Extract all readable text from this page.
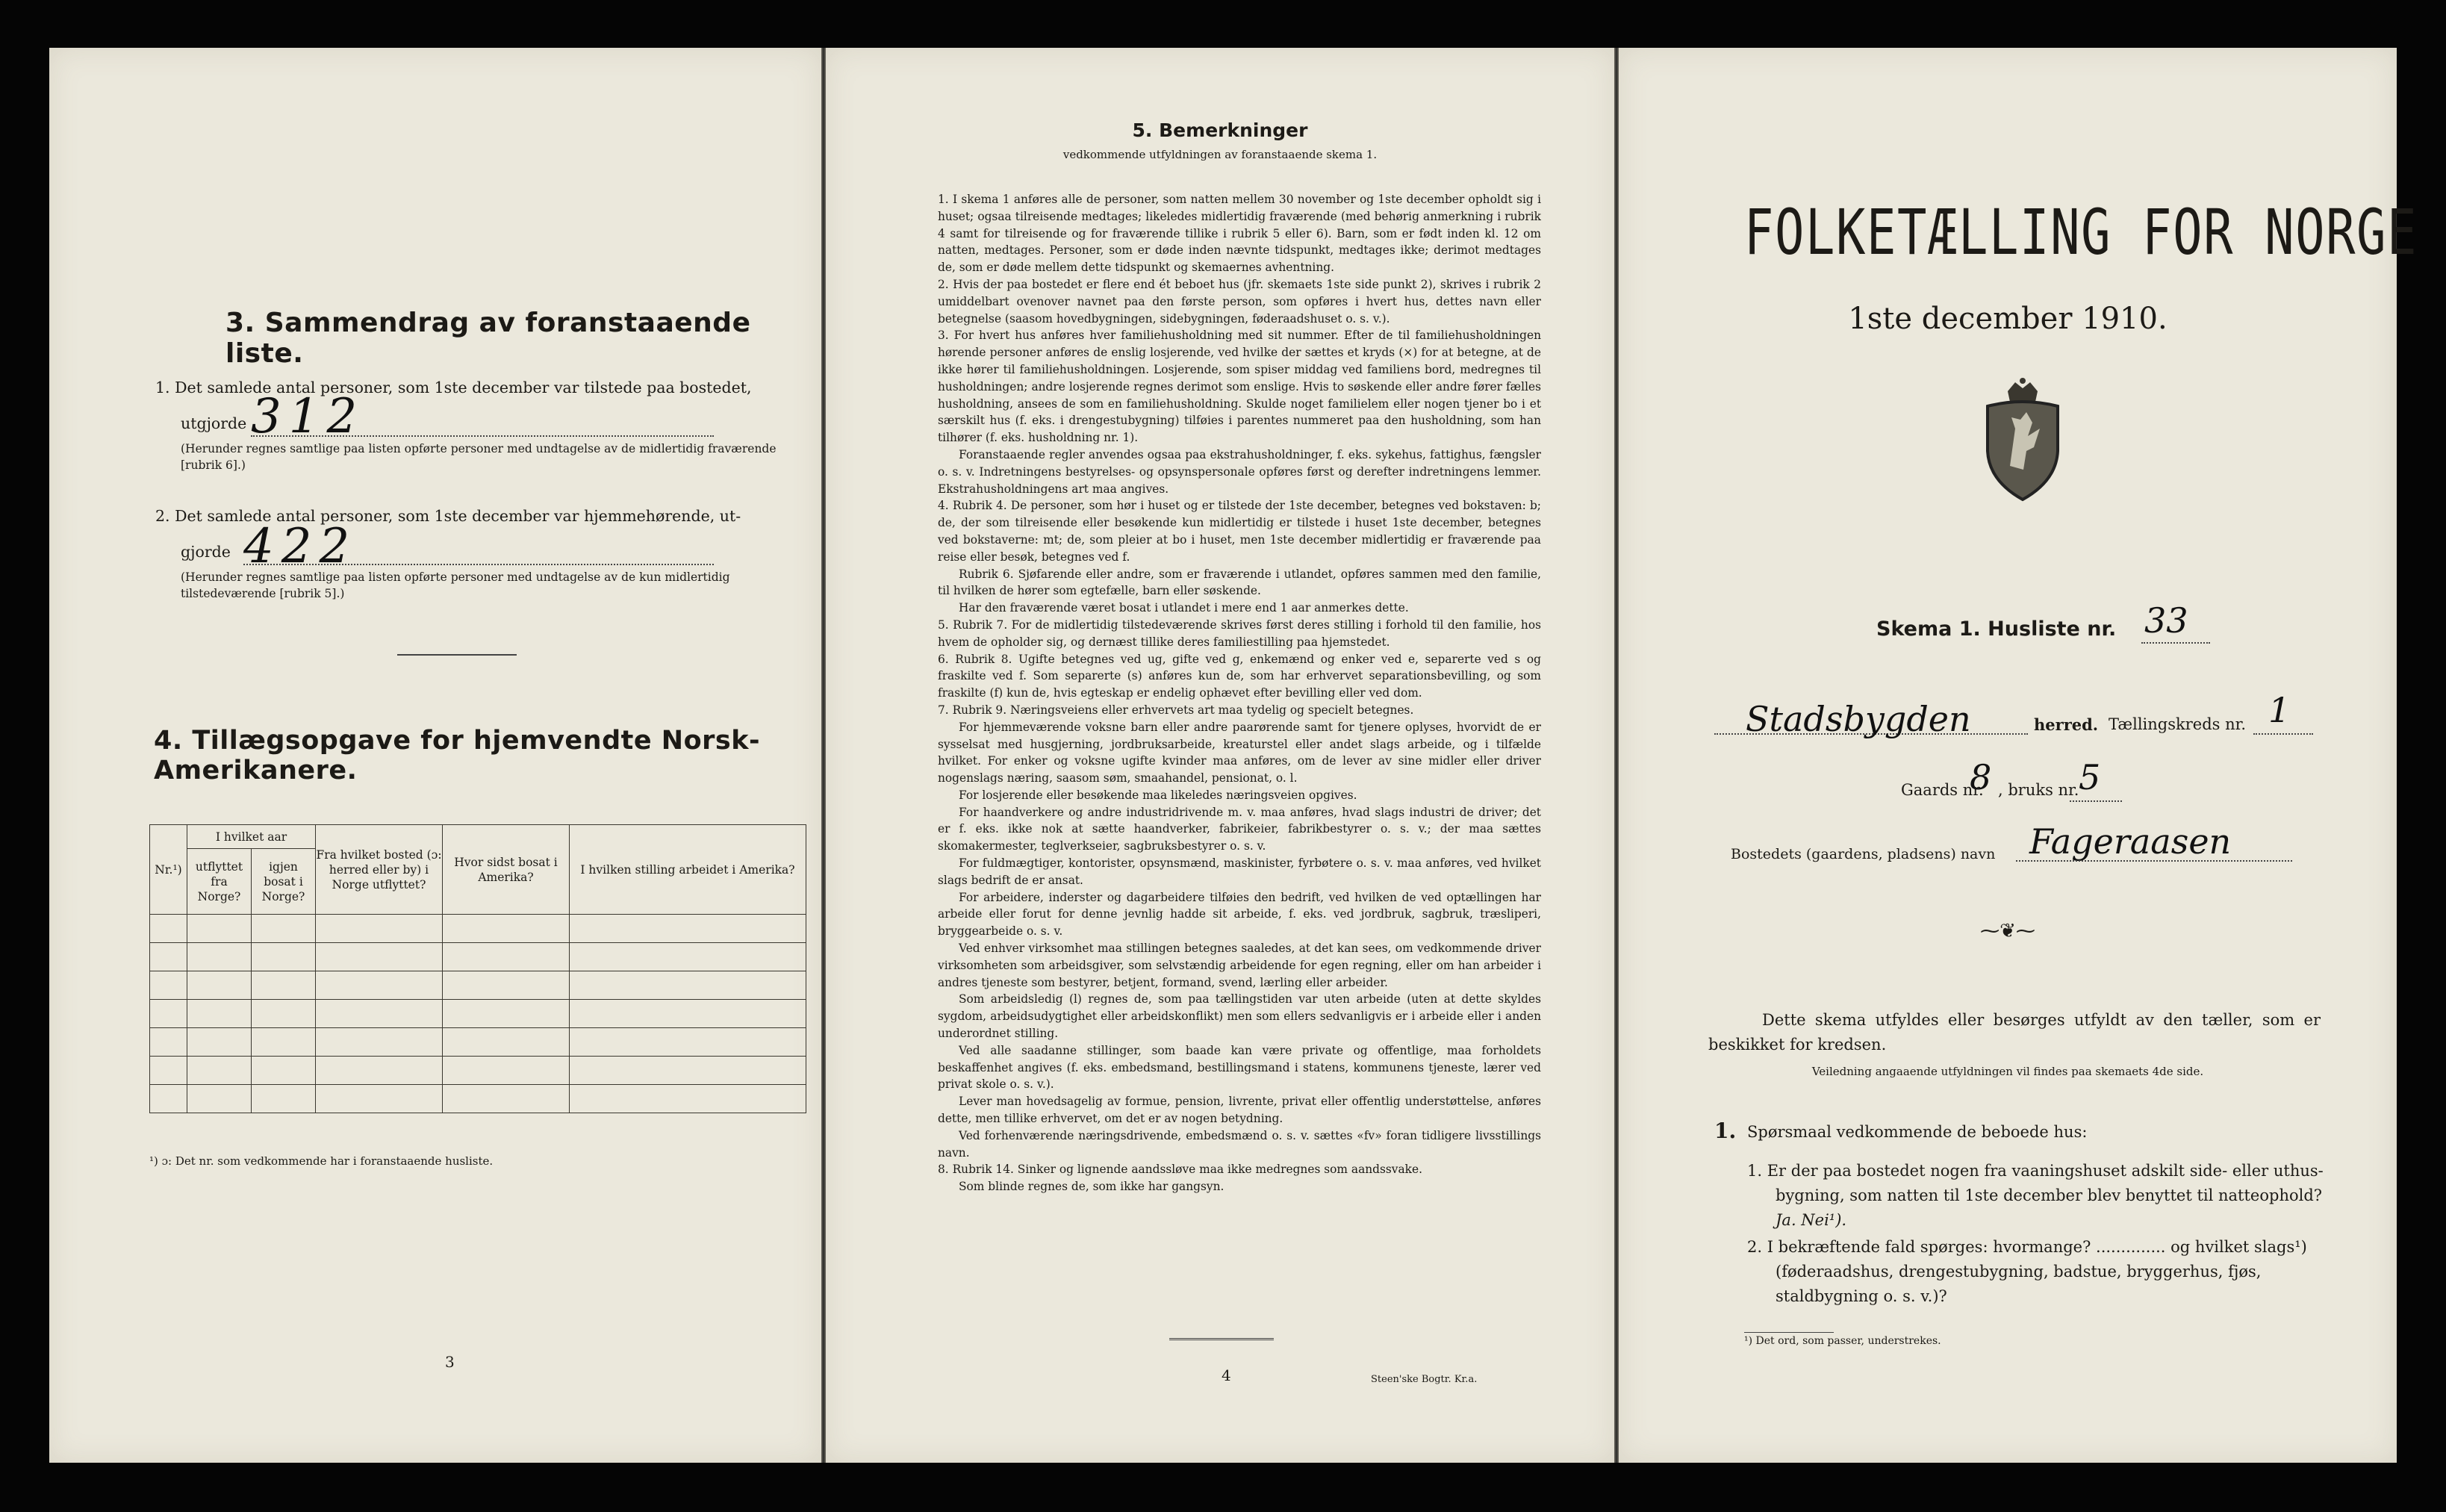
3. Sammendrag av foranstaaende liste.
1. Det samlede antal personer, som 1ste december var tilstede paa bostedet,
utgjorde 312
(Herunder regnes samtlige paa listen opførte personer med undtagelse av de midlertidig fraværende [rubrik 6].)
2. Det samlede antal personer, som 1ste december var hjemmehørende, ut-
gjorde 422
(Herunder regnes samtlige paa listen opførte personer med undtagelse av de kun midlertidig tilstedeværende [rubrik 5].)
4. Tillægsopgave for hjemvendte Norsk-Amerikanere.
Nr.¹)	I hvilket aar		Fra hvilket bosted (ɔ: herred eller by) i Norge utflyttet?	Hvor sidst bosat i Amerika?	I hvilken stilling arbeidet i Amerika?
	utflyttet fra Norge?	igjen bosat i Norge?			

¹) ɔ: Det nr. som vedkommende har i foranstaaende husliste.
3
5. Bemerkninger
vedkommende utfyldningen av foranstaaende skema 1.

1. I skema 1 anføres alle de personer, som natten mellem 30 november og 1ste december opholdt sig i huset; ogsaa tilreisende medtages; likeledes midlertidig fraværende (med behørig anmerkning i rubrik 4 samt for tilreisende og for fraværende tillike i rubrik 5 eller 6). Barn, som er født inden kl. 12 om natten, medtages. Personer, som er døde inden nævnte tidspunkt, medtages ikke; derimot medtages de, som er døde mellem dette tidspunkt og skemaernes avhentning.

2. Hvis der paa bostedet er flere end ét beboet hus (jfr. skemaets 1ste side punkt 2), skrives i rubrik 2 umiddelbart ovenover navnet paa den første person, som opføres i hvert hus, dettes navn eller betegnelse (saasom hovedbygningen, sidebygningen, føderaadshuset o. s. v.).

3. For hvert hus anføres hver familiehusholdning med sit nummer. Efter de til familiehusholdningen hørende personer anføres de enslig losjerende, ved hvilke der sættes et kryds (×) for at betegne, at de ikke hører til familiehusholdningen. Losjerende, som spiser middag ved familiens bord, medregnes til husholdningen; andre losjerende regnes derimot som enslige. Hvis to søskende eller andre fører fælles husholdning, ansees de som en familiehusholdning. Skulde noget familielem eller nogen tjener bo i et særskilt hus (f. eks. i drengestubygning) tilføies i parentes nummeret paa den husholdning, som han tilhører (f. eks. husholdning nr. 1).

Foranstaaende regler anvendes ogsaa paa ekstrahusholdninger, f. eks. sykehus, fattighus, fængsler o. s. v. Indretningens bestyrelses- og opsynspersonale opføres først og derefter indretningens lemmer. Ekstrahusholdningens art maa angives.

4. Rubrik 4. De personer, som hør i huset og er tilstede der 1ste december, betegnes ved bokstaven: b; de, der som tilreisende eller besøkende kun midlertidig er tilstede i huset 1ste december, betegnes ved bokstaverne: mt; de, som pleier at bo i huset, men 1ste december midlertidig er fraværende paa reise eller besøk, betegnes ved f.

Rubrik 6. Sjøfarende eller andre, som er fraværende i utlandet, opføres sammen med den familie, til hvilken de hører som egtefælle, barn eller søskende.

Har den fraværende været bosat i utlandet i mere end 1 aar anmerkes dette.

5. Rubrik 7. For de midlertidig tilstedeværende skrives først deres stilling i forhold til den familie, hos hvem de opholder sig, og dernæst tillike deres familiestilling paa hjemstedet.

6. Rubrik 8. Ugifte betegnes ved ug, gifte ved g, enkemænd og enker ved e, separerte ved s og fraskilte ved f. Som separerte (s) anføres kun de, som har erhvervet separationsbevilling, og som fraskilte (f) kun de, hvis egteskap er endelig ophævet efter bevilling eller ved dom.

7. Rubrik 9. Næringsveiens eller erhvervets art maa tydelig og specielt betegnes.

For hjemmeværende voksne barn eller andre paarørende samt for tjenere oplyses, hvorvidt de er sysselsat med husgjerning, jordbruksarbeide, kreaturstel eller andet slags arbeide, og i tilfælde hvilket. For enker og voksne ugifte kvinder maa anføres, om de lever av sine midler eller driver nogenslags næring, saasom søm, smaahandel, pensionat, o. l.

For losjerende eller besøkende maa likeledes næringsveien opgives.

For haandverkere og andre industridrivende m. v. maa anføres, hvad slags industri de driver; det er f. eks. ikke nok at sætte haandverker, fabrikeier, fabrikbestyrer o. s. v.; der maa sættes skomakermester, teglverkseier, sagbruksbestyrer o. s. v.

For fuldmægtiger, kontorister, opsynsmænd, maskinister, fyrbøtere o. s. v. maa anføres, ved hvilket slags bedrift de er ansat.

For arbeidere, inderster og dagarbeidere tilføies den bedrift, ved hvilken de ved optællingen har arbeide eller forut for denne jevnlig hadde sit arbeide, f. eks. ved jordbruk, sagbruk, træsliperi, bryggearbeide o. s. v.

Ved enhver virksomhet maa stillingen betegnes saaledes, at det kan sees, om vedkommende driver virksomheten som arbeidsgiver, som selvstændig arbeidende for egen regning, eller om han arbeider i andres tjeneste som bestyrer, betjent, formand, svend, lærling eller arbeider.

Som arbeidsledig (l) regnes de, som paa tællingstiden var uten arbeide (uten at dette skyldes sygdom, arbeidsudygtighet eller arbeidskonflikt) men som ellers sedvanligvis er i arbeide eller i anden underordnet stilling.

Ved alle saadanne stillinger, som baade kan være private og offentlige, maa forholdets beskaffenhet angives (f. eks. embedsmand, bestillingsmand i statens, kommunens tjeneste, lærer ved privat skole o. s. v.).

Lever man hovedsagelig av formue, pension, livrente, privat eller offentlig understøttelse, anføres dette, men tillike erhvervet, om det er av nogen betydning.

Ved forhenværende næringsdrivende, embedsmænd o. s. v. sættes «fv» foran tidligere livsstillings navn.

8. Rubrik 14. Sinker og lignende aandssløve maa ikke medregnes som aandssvake.

Som blinde regnes de, som ikke har gangsyn.

4	Steen'ske Bogtr. Kr.a.
FOLKETÆLLING FOR NORGE
1ste december 1910.
Skema 1. Husliste nr. 33
Stadsbygden	herred. Tællingskreds nr. 1
Gaards nr.
8 , bruks nr. 5
Bostedets (gaardens, pladsens) navn Fageraasen
⁓❦⁓
Dette skema utfyldes eller besørges utfyldt av den tæller, som er beskikket for kredsen.
Veiledning angaaende utfyldningen vil findes paa skemaets 4de side.
1. Spørsmaal vedkommende de beboede hus:
1. Er der paa bostedet nogen fra vaaningshuset adskilt side- eller uthus-bygning, som natten til 1ste december blev benyttet til natteophold? Ja. Nei¹).
2. I bekræftende fald spørges: hvormange? .............. og hvilket slags¹) (føderaadshus, drengestubygning, badstue, bryggerhus, fjøs, staldbygning o. s. v.)?
¹) Det ord, som passer, understrekes.
